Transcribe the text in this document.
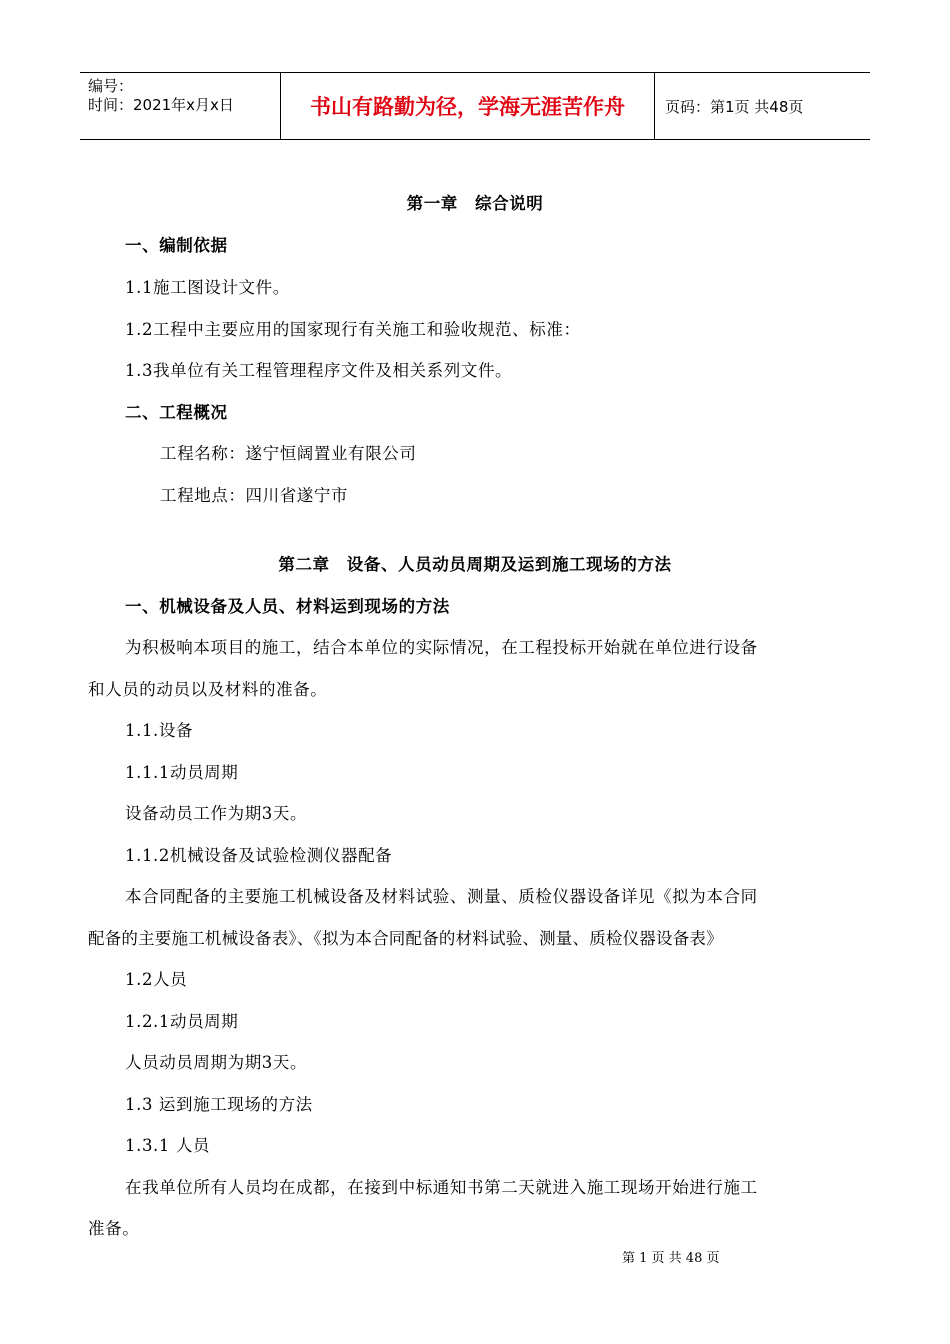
编号：
时间：2021年x月x日	书山有路勤为径，学海无涯苦作舟	页码：第1页 共48页
第一章　综合说明
一、编制依据
1.1施工图设计文件。
1.2工程中主要应用的国家现行有关施工和验收规范、标准：
1.3我单位有关工程管理程序文件及相关系列文件。
二、工程概况
工程名称：遂宁恒阔置业有限公司
工程地点：四川省遂宁市
第二章　设备、人员动员周期及运到施工现场的方法
一、机械设备及人员、材料运到现场的方法
为积极响本项目的施工，结合本单位的实际情况，在工程投标开始就在单位进行设备
和人员的动员以及材料的准备。
1.1.设备
1.1.1动员周期
设备动员工作为期3天。
1.1.2机械设备及试验检测仪器配备
本合同配备的主要施工机械设备及材料试验、测量、质检仪器设备详见《拟为本合同
配备的主要施工机械设备表》、《拟为本合同配备的材料试验、测量、质检仪器设备表》
1.2人员
1.2.1动员周期
人员动员周期为期3天。
1.3 运到施工现场的方法
1.3.1 人员
在我单位所有人员均在成都，在接到中标通知书第二天就进入施工现场开始进行施工
准备。
第 1 页 共 48 页
